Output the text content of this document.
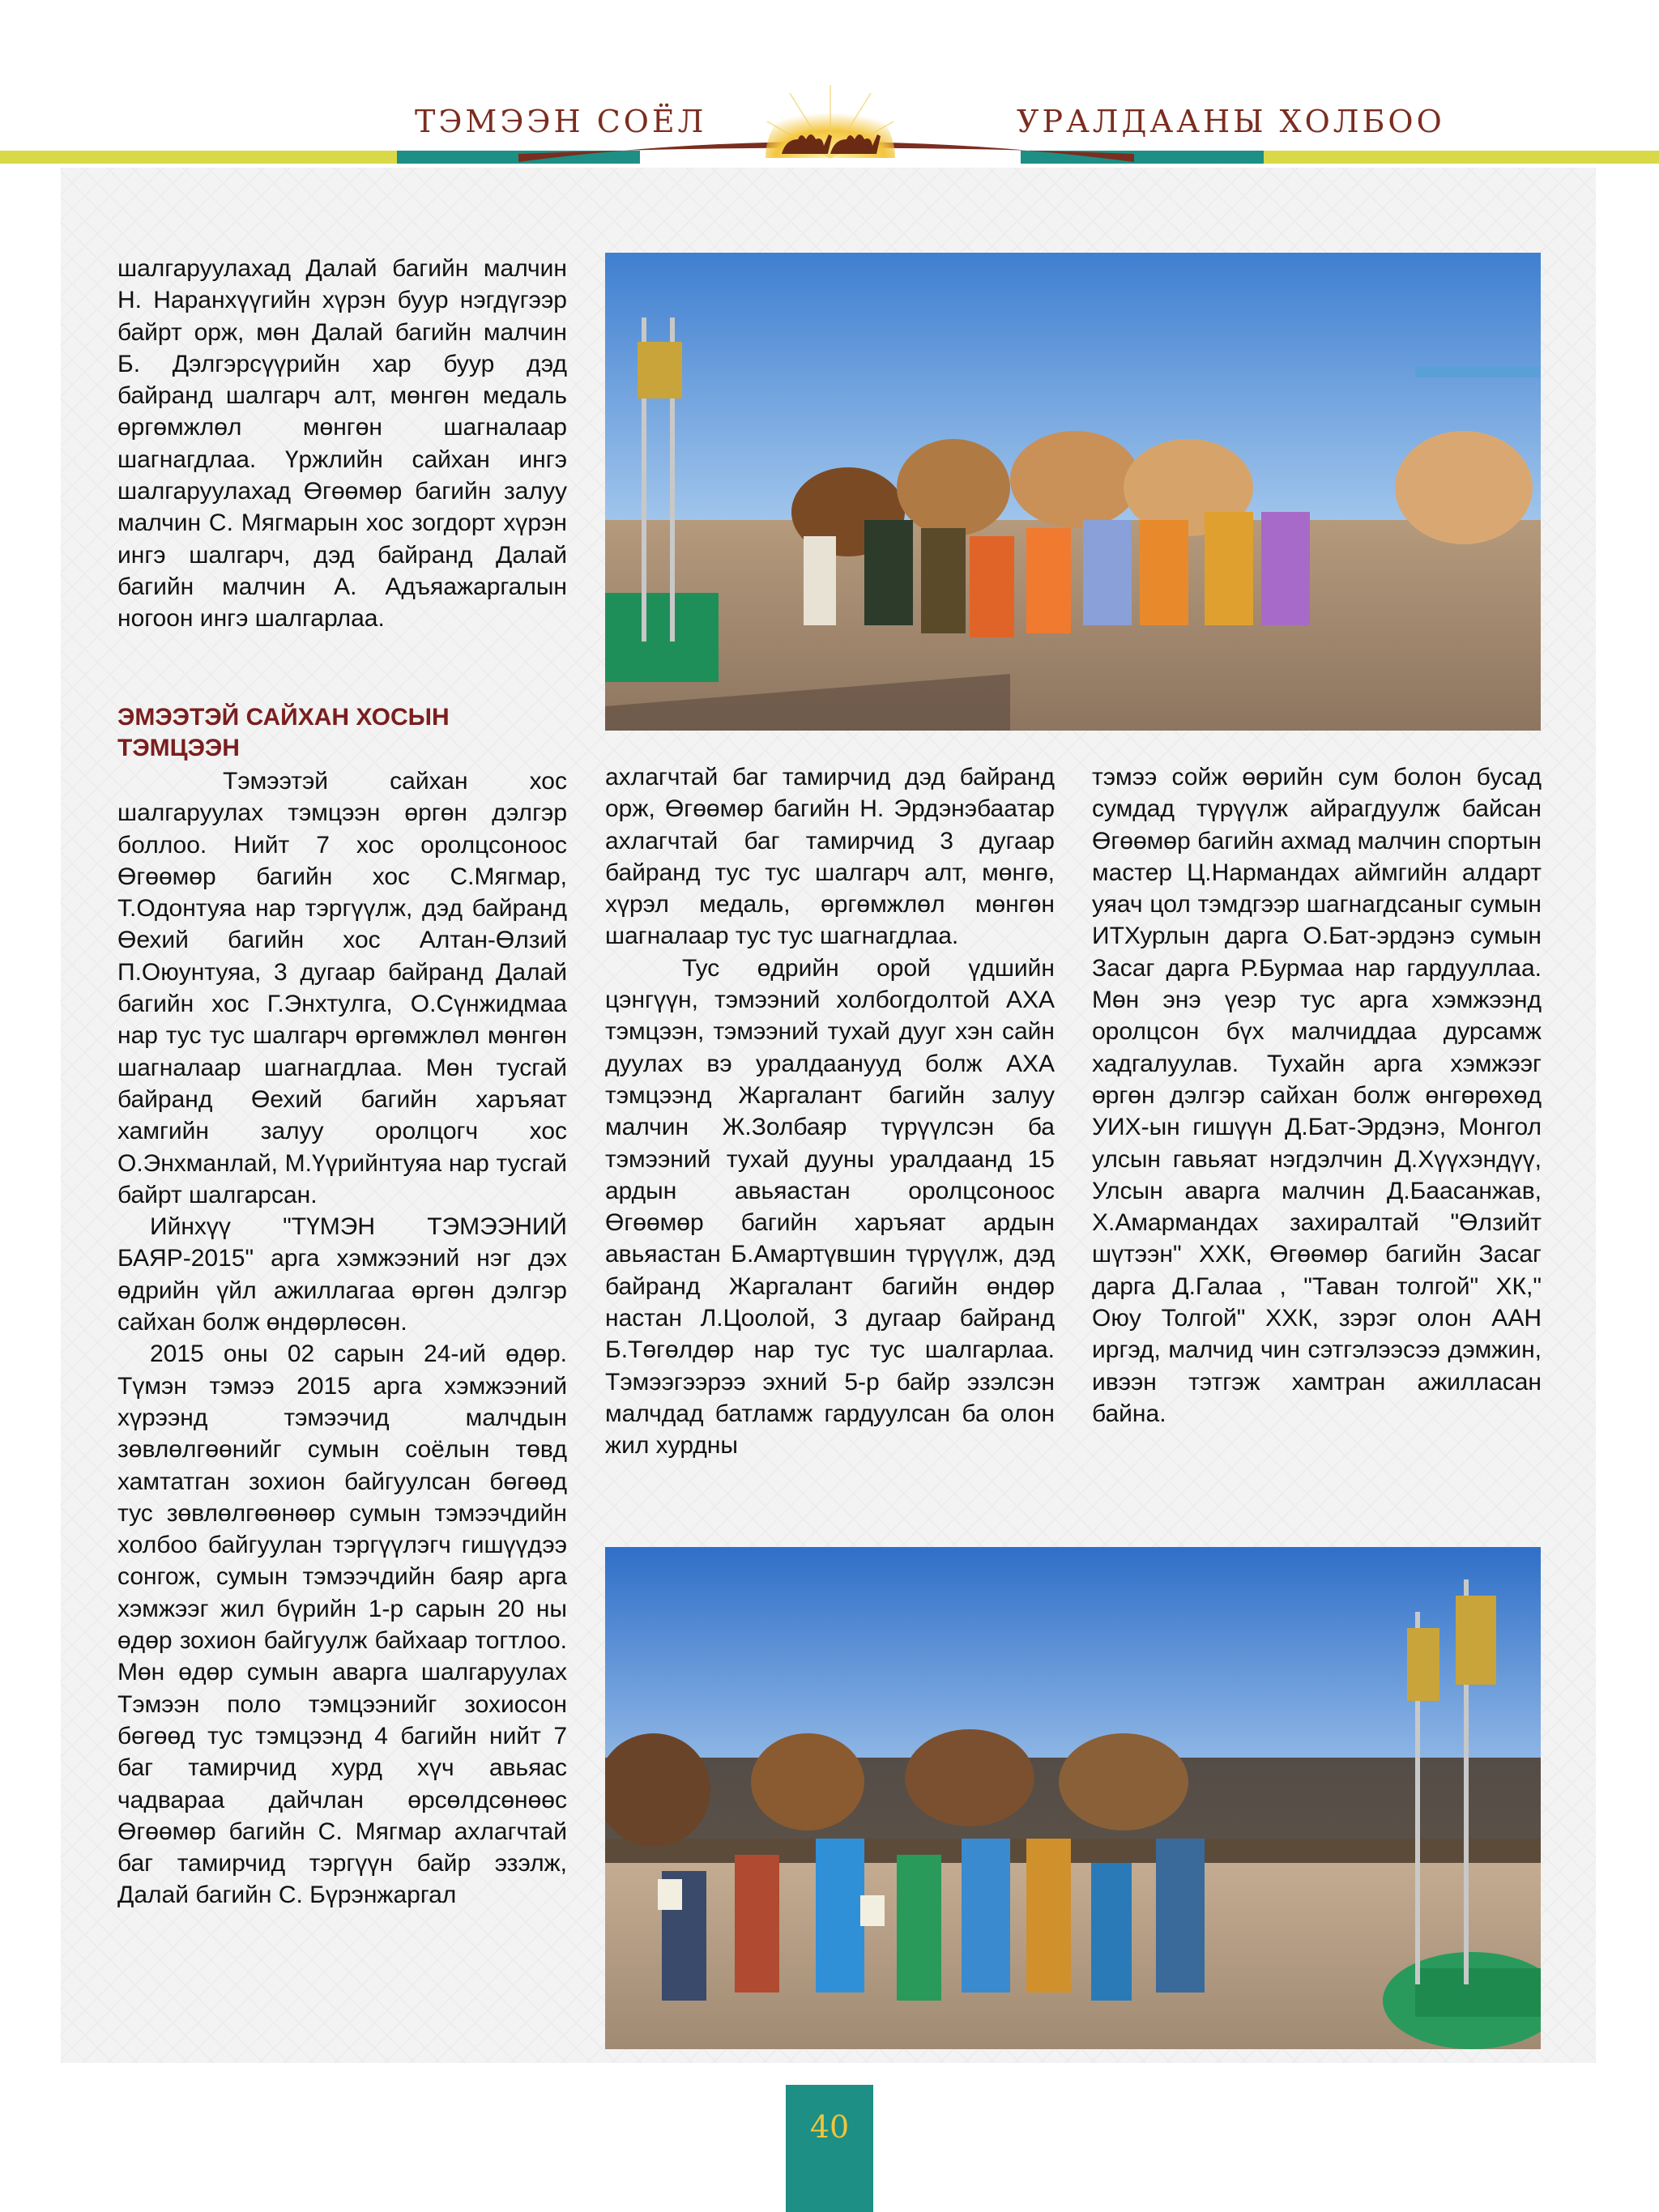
ТЭМЭЭН СОЁЛ	УРАЛДААНЫ ХОЛБОО

шалгаруулахад Далай багийн малчин Н. Наранхүүгийн хүрэн буур нэгдүгээр байрт орж, мөн Далай багийн малчин Б. Дэлгэрсүүрийн хар буур дэд байранд шалгарч алт, мөнгөн медаль өргөмжлөл мөнгөн шагналаар шагнагдлаа. Үржлийн сайхан ингэ шалгаруулахад Өгөөмөр багийн залуу малчин С. Мягмарын хос зогдорт хүрэн ингэ шалгарч, дэд байранд Далай багийн малчин А. Адъяажаргалын ногоон ингэ шалгарлаа.

ЭМЭЭТЭЙ САЙХАН ХОСЫН ТЭМЦЭЭН

Тэмээтэй сайхан хос шалгаруулах тэмцээн өргөн дэлгэр боллоо. Нийт 7 хос оролцсоноос Өгөөмөр багийн хос С.Мягмар, Т.Одонтуяа нар тэргүүлж, дэд байранд Өехий багийн хос Алтан-Өлзий П.Оюунтуяа, 3 дугаар байранд Далай багийн хос Г.Энхтулга, О.Сүнжидмаа нар тус тус шалгарч өргөмжлөл мөнгөн шагналаар шагнагдлаа. Мөн тусгай байранд Өехий багийн харъяат хамгийн залуу оролцогч хос О.Энхманлай, М.Үүрийнтуяа нар тусгай байрт шалгарсан.

Ийнхүү "ТҮМЭН ТЭМЭЭНИЙ БАЯР-2015" арга хэмжээний нэг дэх өдрийн үйл ажиллагаа өргөн дэлгэр сайхан болж өндөрлөсөн.

2015 оны 02 сарын 24-ий өдөр. Түмэн тэмээ 2015 арга хэмжээний хүрээнд тэмээчид малчдын зөвлөлгөөнийг сумын соёлын төвд хамтатган зохион байгуулсан бөгөөд тус зөвлөлгөөнөөр сумын тэмээчдийн холбоо байгуулан тэргүүлэгч гишүүдээ сонгож, сумын тэмээчдийн баяр арга хэмжээг жил бүрийн 1-р сарын 20 ны өдөр зохион байгуулж байхаар тогтлоо. Мөн өдөр сумын аварга шалгаруулах Тэмээн поло тэмцээнийг зохиосон бөгөөд тус тэмцээнд 4 багийн нийт 7 баг тамирчид хурд хүч авьяас чадвараа дайчлан өрсөлдсөнөөс Өгөөмөр багийн С. Мягмар ахлагчтай баг тамирчид тэргүүн байр эзэлж, Далай багийн С. Бүрэнжаргал

ахлагчтай баг тамирчид дэд байранд орж, Өгөөмөр багийн Н. Эрдэнэбаатар ахлагчтай баг тамирчид 3 дугаар байранд тус тус шалгарч алт, мөнгө, хүрэл медаль, өргөмжлөл мөнгөн шагналаар тус тус шагнагдлаа.

Тус өдрийн орой үдшийн цэнгүүн, тэмээний холбогдолтой АХА тэмцээн, тэмээний тухай дууг хэн сайн дуулах вэ уралдаанууд болж АХА тэмцээнд Жаргалант багийн залуу малчин Ж.Золбаяр түрүүлсэн ба тэмээний тухай дууны уралдаанд 15 ардын авьяастан оролцсоноос Өгөөмөр багийн харъяат ардын авьяастан Б.Амартүвшин түрүүлж, дэд байранд Жаргалант багийн өндөр настан Л.Цоолой, 3 дугаар байранд Б.Төгөлдөр нар тус тус шалгарлаа. Тэмээгээрээ эхний 5-р байр эзэлсэн малчдад батламж гардуулсан ба олон жил хурдны

тэмээ сойж өөрийн сум болон бусад сумдад түрүүлж айрагдуулж байсан Өгөөмөр багийн ахмад малчин спортын мастер Ц.Нармандах аймгийн алдарт уяач цол тэмдгээр шагнагдсаныг сумын ИТХурлын дарга О.Бат-эрдэнэ сумын Засаг дарга Р.Бурмаа нар гардууллаа. Мөн энэ үеэр тус арга хэмжээнд оролцсон бүх малчиддаа дурсамж хадгалуулав. Тухайн арга хэмжээг өргөн дэлгэр сайхан болж өнгөрөхөд УИХ-ын гишүүн Д.Бат-Эрдэнэ, Монгол улсын гавьяат нэгдэлчин Д.Хүүхэндүү, Улсын аварга малчин Д.Баасанжав, Х.Амармандах захиралтай "Өлзийт шүтээн" ХХК, Өгөөмөр багийн Засаг дарга Д.Галаа , "Таван толгой" ХК," Оюу Толгой" ХХК, зэрэг олон ААН иргэд, малчид чин сэтгэлээсээ дэмжин, ивээн тэтгэж хамтран ажилласан байна.

40
